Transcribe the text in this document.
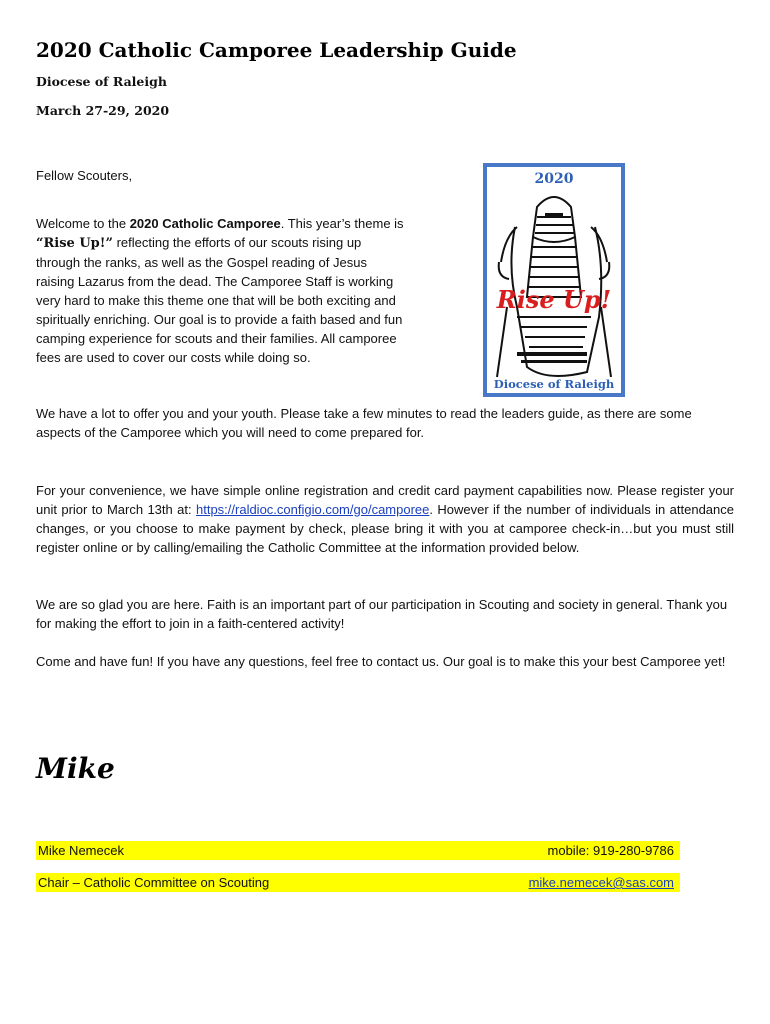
2020 Catholic Camporee Leadership Guide
Diocese of Raleigh
March 27-29, 2020
Fellow Scouters,
Welcome to the 2020 Catholic Camporee. This year’s theme is “Rise Up!” reflecting the efforts of our scouts rising up through the ranks, as well as the Gospel reading of Jesus raising Lazarus from the dead. The Camporee Staff is working very hard to make this theme one that will be both exciting and spiritually enriching. Our goal is to provide a faith based and fun camping experience for scouts and their families. All camporee fees are used to cover our costs while doing so.
2020
Rise Up!
Diocese of Raleigh
We have a lot to offer you and your youth. Please take a few minutes to read the leaders guide, as there are some aspects of the Camporee which you will need to come prepared for.
For your convenience, we have simple online registration and credit card payment capabilities now. Please register your unit prior to March 13th at: https://raldioc.configio.com/go/camporee. However if the number of individuals in attendance changes, or you choose to make payment by check, please bring it with you at camporee check-in…but you must still register online or by calling/emailing the Catholic Committee at the information provided below.
We are so glad you are here. Faith is an important part of our participation in Scouting and society in general. Thank you for making the effort to join in a faith-centered activity!
Come and have fun! If you have any questions, feel free to contact us. Our goal is to make this your best Camporee yet!
Mike
Mike Nemecek	mobile: 919-280-9786
Chair – Catholic Committee on Scouting	mike.nemecek@sas.com
